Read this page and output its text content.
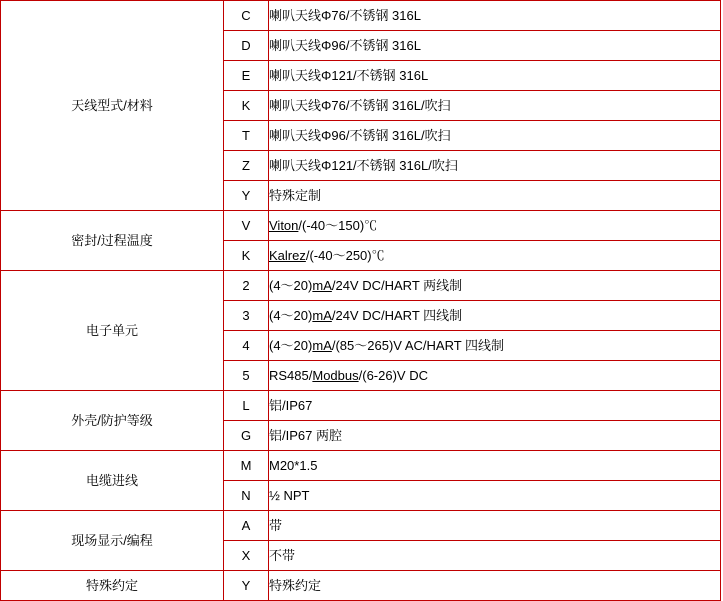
天线型式/材料	C	喇叭天线Φ76/不锈钢 316L
	D	喇叭天线Φ96/不锈钢 316L
	E	喇叭天线Φ121/不锈钢 316L
	K	喇叭天线Φ76/不锈钢 316L/吹扫
	T	喇叭天线Φ96/不锈钢 316L/吹扫
	Z	喇叭天线Φ121/不锈钢 316L/吹扫
	Y	特殊定制
密封/过程温度	V	Viton/(-40～150)℃
	K	Kalrez/(-40～250)℃
电子单元	2	(4～20)mA/24V DC/HART 两线制
	3	(4～20)mA/24V DC/HART 四线制
	4	(4～20)mA/(85～265)V AC/HART 四线制
	5	RS485/Modbus/(6-26)V DC
外壳/防护等级	L	铝/IP67
	G	铝/IP67 两腔
电缆进线	M	M20*1.5
	N	½ NPT
现场显示/编程	A	带
	X	不带
特殊约定	Y	特殊约定
